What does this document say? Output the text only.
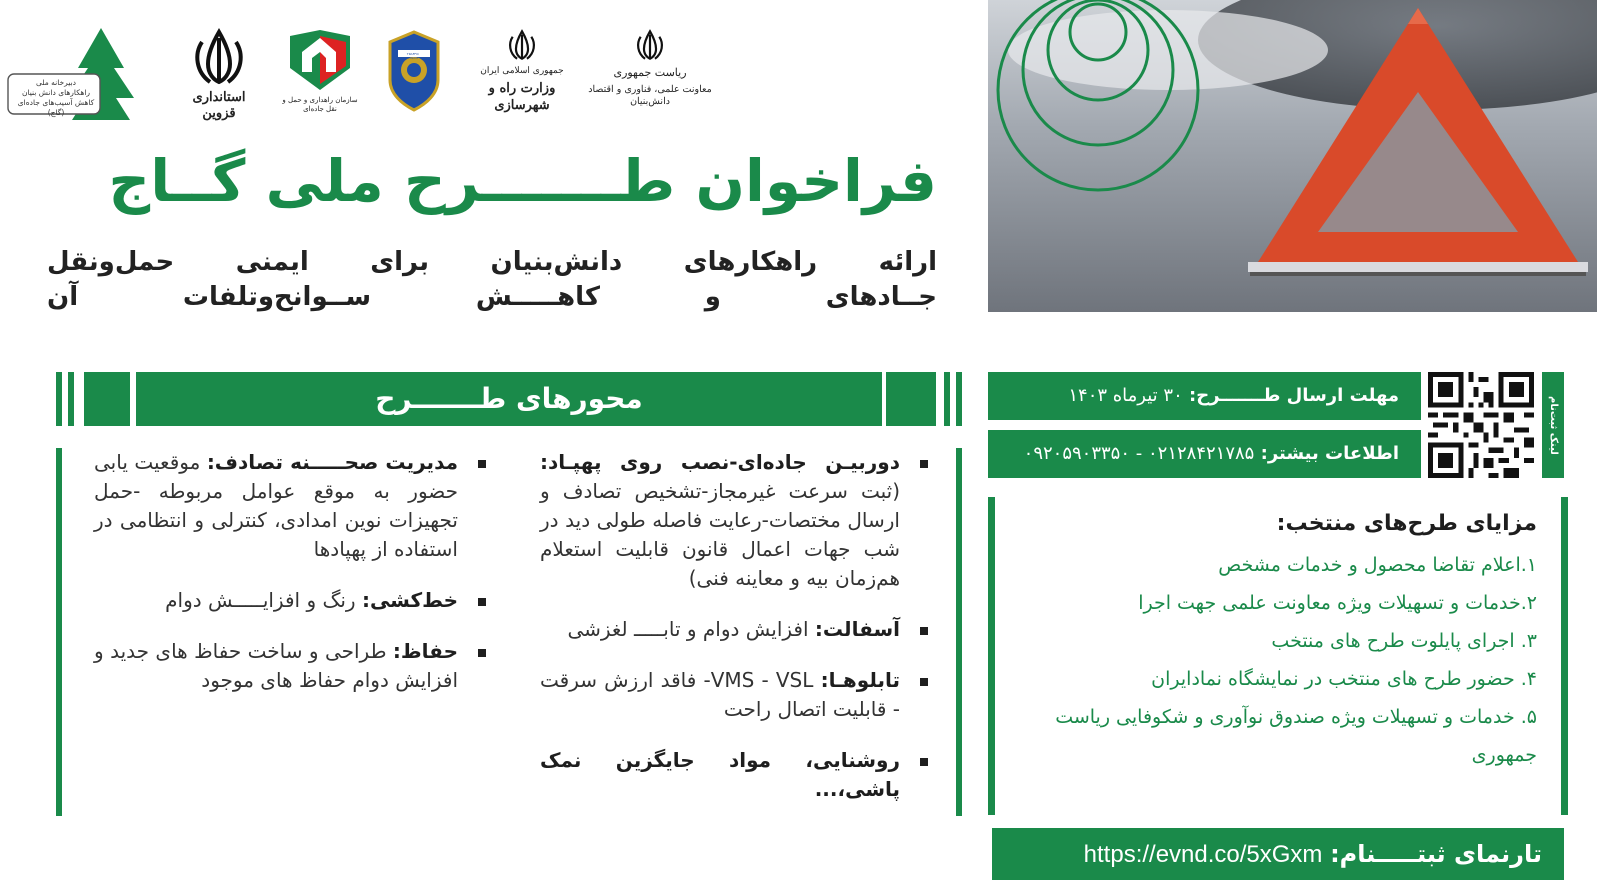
دبیرخانه ملی
راهکارهای دانش بنیان
کاهش آسیب‌های جاده‌ای (گاج)
استانداری قزوین
سازمان راهداری و حمل و نقل جاده‌ای
TRAFFIC POLICE
جمهوری اسلامی ایران
وزارت راه و شهرسازی
ریاست جمهوری
معاونت علمی، فناوری و اقتصاد دانش‌بنیان
فراخوان طـــــــرح ملی گــاج
ارائه راهکارهای دانش‌بنیان برای ایمنی حمل‌ونقل
جــادهای و کاهـــــش ســوانح‌وتلفات آن
محورهای طـــــــرح
دوربیـن جاده‌ای-نصب روی پهپـاد: (ثبت سرعت غیرمجاز-تشخیص تصادف و ارسال مختصات-رعایت فاصله طولی دید در شب جهات اعمال قانون قابلیت استعلام هم‌زمان بیه و معاینه فنی)
آسفالت: افزایش دوام و تابـــــ لغزشی
تابلوهـا: VMS - VSL- فاقد ارزش سرقت - قابلیت اتصال راحت
روشنایی، مواد جایگزین نمک پاشی،...
مدیریت صحـــــنه تصادف: موقعیت یابی حضور به موقع عوامل مربوطه -حمل تجهیزات نوین امدادی، کنترلی و انتظامی در استفاده از پهپادها
خط‌کشی: رنگ و افزایـــــش دوام
حفاظ: طراحی و ساخت حفاظ های جدید و افزایش دوام حفاظ های موجود
مهلت ارسال طـــــــرح: ۳۰ تیرماه ۱۴۰۳
اطلاعات بیشتر: ۰۲۱۲۸۴۲۱۷۸۵ - ۰۹۲۰۵۹۰۳۳۵۰	لینک ثبت‌نام
مزایای طرح‌های منتخب:
۱.اعلام تقاضا محصول و خدمات مشخص
۲.خدمات و تسهیلات ویژه معاونت علمی جهت اجرا
۳. اجرای پایلوت طرح های منتخب
۴. حضور طرح های منتخب در نمایشگاه نمادایران
۵. خدمات و تسهیلات ویژه صندوق نوآوری و شکوفایی ریاست جمهوری
تارنمای ثبتـــــنام: https://evnd.co/5xGxm
